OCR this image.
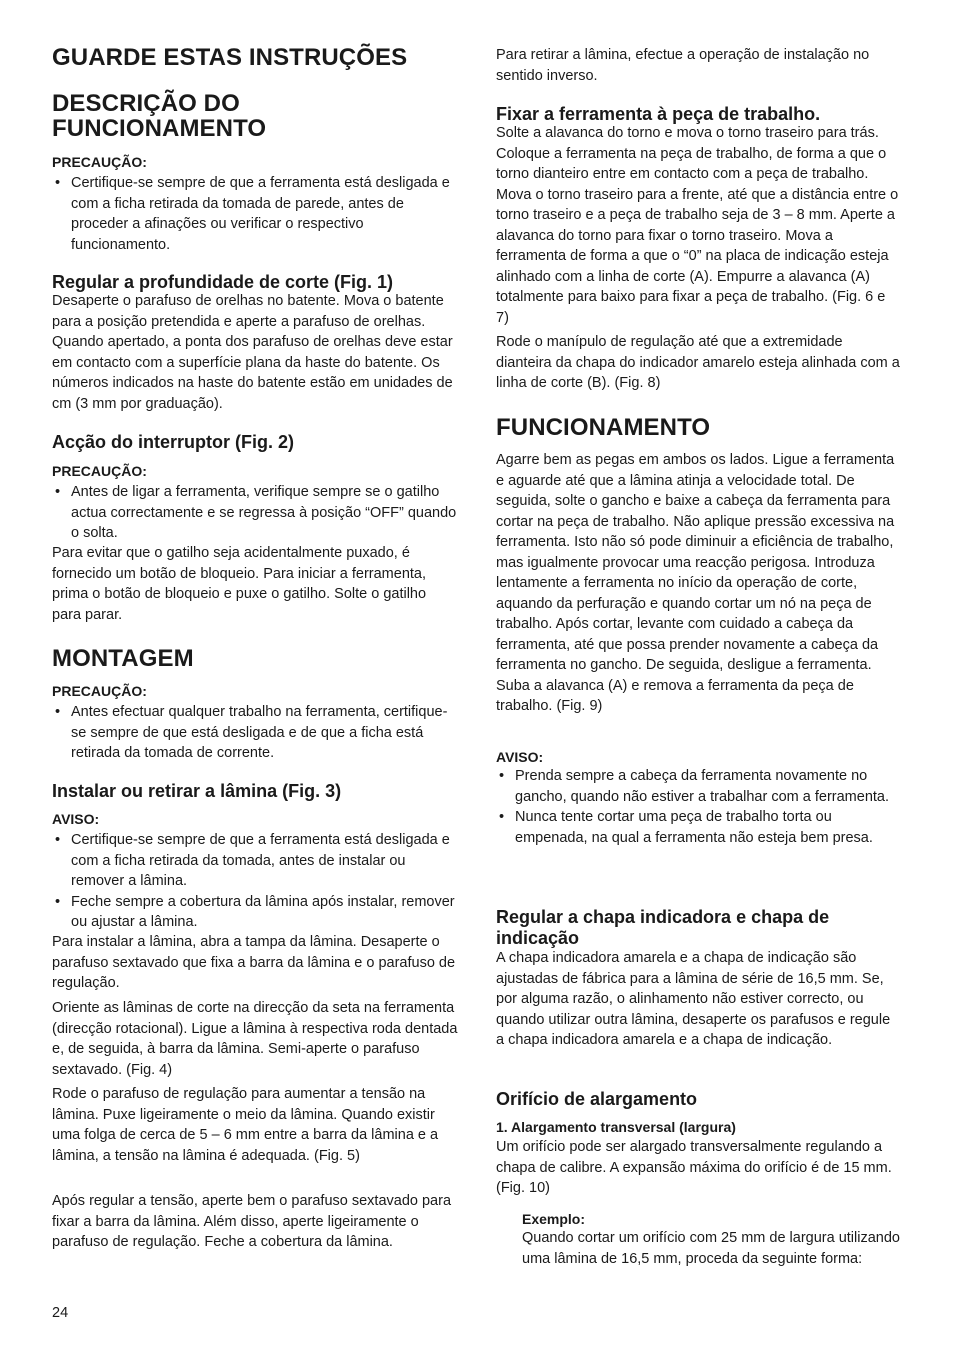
GUARDE ESTAS INSTRUÇÕES
DESCRIÇÃO DO FUNCIONAMENTO
PRECAUÇÃO:
• Certifique-se sempre de que a ferramenta está desligada e com a ficha retirada da tomada de parede, antes de proceder a afinações ou verificar o respectivo funcionamento.
Regular a profundidade de corte (Fig. 1)

Desaperte o parafuso de orelhas no batente. Mova o batente para a posição pretendida e aperte a parafuso de orelhas. Quando apertado, a ponta dos parafuso de orelhas deve estar em contacto com a superfície plana da haste do batente. Os números indicados na haste do batente estão em unidades de cm (3 mm por graduação).

Acção do interruptor (Fig. 2)
PRECAUÇÃO:
• Antes de ligar a ferramenta, verifique sempre se o gatilho actua correctamente e se regressa à posição “OFF” quando o solta.

Para evitar que o gatilho seja acidentalmente puxado, é fornecido um botão de bloqueio. Para iniciar a ferramenta, prima o botão de bloqueio e puxe o gatilho. Solte o gatilho para parar.

MONTAGEM
PRECAUÇÃO:
• Antes efectuar qualquer trabalho na ferramenta, certifique-se sempre de que está desligada e de que a ficha está retirada da tomada de corrente.
Instalar ou retirar a lâmina (Fig. 3)
AVISO:
• Certifique-se sempre de que a ferramenta está desligada e com a ficha retirada da tomada, antes de instalar ou remover a lâmina.
• Feche sempre a cobertura da lâmina após instalar, remover ou ajustar a lâmina.

Para instalar a lâmina, abra a tampa da lâmina. Desaperte o parafuso sextavado que fixa a barra da lâmina e o parafuso de regulação.

Oriente as lâminas de corte na direcção da seta na ferramenta (direcção rotacional). Ligue a lâmina à respectiva roda dentada e, de seguida, à barra da lâmina. Semi-aperte o parafuso sextavado. (Fig. 4)

Rode o parafuso de regulação para aumentar a tensão na lâmina. Puxe ligeiramente o meio da lâmina. Quando existir uma folga de cerca de 5 – 6 mm entre a barra da lâmina e a lâmina, a tensão na lâmina é adequada. (Fig. 5)

Após regular a tensão, aperte bem o parafuso sextavado para fixar a barra da lâmina. Além disso, aperte ligeiramente o parafuso de regulação. Feche a cobertura da lâmina.

Para retirar a lâmina, efectue a operação de instalação no sentido inverso.

Fixar a ferramenta à peça de trabalho.

Solte a alavanca do torno e mova o torno traseiro para trás. Coloque a ferramenta na peça de trabalho, de forma a que o torno dianteiro entre em contacto com a peça de trabalho. Mova o torno traseiro para a frente, até que a distância entre o torno traseiro e a peça de trabalho seja de 3 – 8 mm. Aperte a alavanca do torno para fixar o torno traseiro. Mova a ferramenta de forma a que o “0” na placa de indicação esteja alinhado com a linha de corte (A). Empurre a alavanca (A) totalmente para baixo para fixar a peça de trabalho. (Fig. 6 e 7)

Rode o manípulo de regulação até que a extremidade dianteira da chapa do indicador amarelo esteja alinhada com a linha de corte (B). (Fig. 8)

FUNCIONAMENTO

Agarre bem as pegas em ambos os lados. Ligue a ferramenta e aguarde até que a lâmina atinja a velocidade total. De seguida, solte o gancho e baixe a cabeça da ferramenta para cortar na peça de trabalho. Não aplique pressão excessiva na ferramenta. Isto não só pode diminuir a eficiência de trabalho, mas igualmente provocar uma reacção perigosa. Introduza lentamente a ferramenta no início da operação de corte, aquando da perfuração e quando cortar um nó na peça de trabalho. Após cortar, levante com cuidado a cabeça da ferramenta, até que possa prender novamente a cabeça da ferramenta no gancho. De seguida, desligue a ferramenta. Suba a alavanca (A) e remova a ferramenta da peça de trabalho. (Fig. 9)

AVISO:
• Prenda sempre a cabeça da ferramenta novamente no gancho, quando não estiver a trabalhar com a ferramenta.
• Nunca tente cortar uma peça de trabalho torta ou empenada, na qual a ferramenta não esteja bem presa.
Regular a chapa indicadora e chapa de indicação

A chapa indicadora amarela e a chapa de indicação são ajustadas de fábrica para a lâmina de série de 16,5 mm. Se, por alguma razão, o alinhamento não estiver correcto, ou quando utilizar outra lâmina, desaperte os parafusos e regule a chapa indicadora amarela e a chapa de indicação.

Orifício de alargamento
1. Alargamento transversal (largura)

Um orifício pode ser alargado transversalmente regulando a chapa de calibre. A expansão máxima do orifício é de 15 mm. (Fig. 10)

Exemplo:

Quando cortar um orifício com 25 mm de largura utilizando uma lâmina de 16,5 mm, proceda da seguinte forma:

24
